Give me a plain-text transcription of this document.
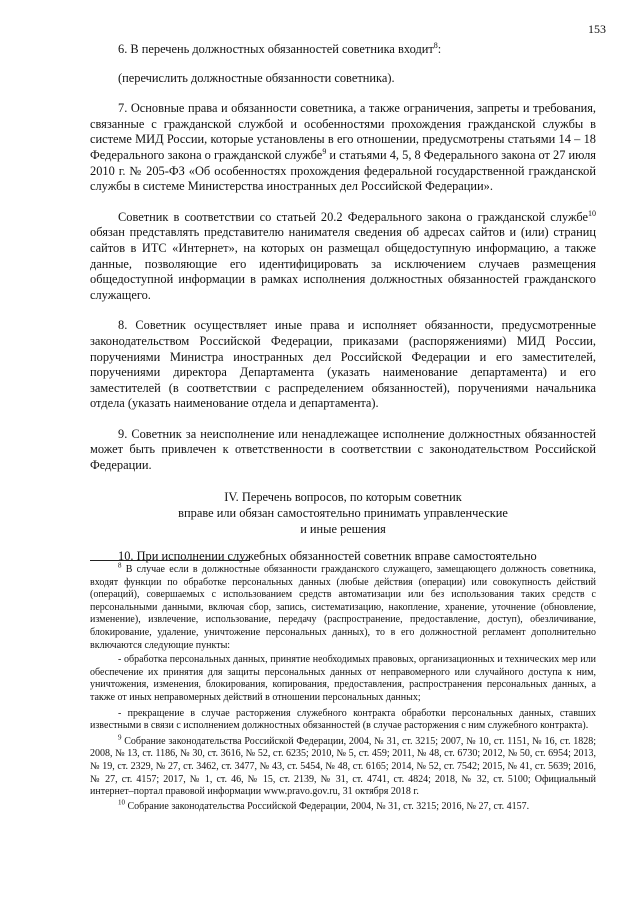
153

6. В перечень должностных обязанностей советника входит$^8$:

(перечислить должностные обязанности советника).

7. Основные права и обязанности советника, а также ограничения, запреты и требования, связанные с гражданской службой и особенностями прохождения гражданской службы в системе МИД России, которые установлены в его отношении, предусмотрены статьями 14 – 18 Федерального закона о гражданской службе$^9$ и статьями 4, 5, 8 Федерального закона от 27 июля 2010 г. № 205-ФЗ «Об особенностях прохождения федеральной государственной гражданской службы в системе Министерства иностранных дел Российской Федерации».

Советник в соответствии со статьей 20.2 Федерального закона о гражданской службе$^{10}$ обязан представлять представителю нанимателя сведения об адресах сайтов и (или) страниц сайтов в ИТС «Интернет», на которых он размещал общедоступную информацию, а также данные, позволяющие его идентифицировать за исключением случаев размещения общедоступной информации в рамках исполнения должностных обязанностей гражданского служащего.

8. Советник осуществляет иные права и исполняет обязанности, предусмотренные законодательством Российской Федерации, приказами (распоряжениями) МИД России, поручениями Министра иностранных дел Российской Федерации и его заместителей, поручениями директора Департамента (указать наименование департамента) и его заместителей (в соответствии с распределением обязанностей), поручениями начальника отдела (указать наименование отдела и департамента).

9. Советник за неисполнение или ненадлежащее исполнение должностных обязанностей может быть привлечен к ответственности в соответствии с законодательством Российской Федерации.

IV. Перечень вопросов, по которым советник
вправе или обязан самостоятельно принимать управленческие
и иные решения

10. При исполнении служебных обязанностей советник вправе самостоятельно

$^8$ В случае если в должностные обязанности гражданского служащего, замещающего должность советника, входят функции по обработке персональных данных (любые действия (операции) или совокупность действий (операций), совершаемых с использованием средств автоматизации или без использования таких средств с персональными данными, включая сбор, запись, систематизацию, накопление, хранение, уточнение (обновление, изменение), извлечение, использование, передачу (распространение, предоставление, доступ), обезличивание, блокирование, удаление, уничтожение персональных данных), то в его должностной регламент дополнительно включаются следующие пункты:

- обработка персональных данных, принятие необходимых правовых, организационных и технических мер или обеспечение их принятия для защиты персональных данных от неправомерного или случайного доступа к ним, уничтожения, изменения, блокирования, копирования, предоставления, распространения персональных данных, а также от иных неправомерных действий в отношении персональных данных;

- прекращение в случае расторжения служебного контракта обработки персональных данных, ставших известными в связи с исполнением должностных обязанностей (в случае расторжения с ним служебного контракта).

$^9$ Собрание законодательства Российской Федерации, 2004, № 31, ст. 3215; 2007, № 10, ст. 1151, № 16, ст. 1828; 2008, № 13, ст. 1186, № 30, ст. 3616, № 52, ст. 6235; 2010, № 5, ст. 459; 2011, № 48, ст. 6730; 2012, № 50, ст. 6954; 2013, № 19, ст. 2329, № 27, ст. 3462, ст. 3477, № 43, ст. 5454, № 48, ст. 6165; 2014, № 52, ст. 7542; 2015, № 41, ст. 5639; 2016, № 27, ст. 4157; 2017, № 1, ст. 46, № 15, ст. 2139, № 31, ст. 4741, ст. 4824; 2018, № 32, ст. 5100; Официальный интернет–портал правовой информации www.pravo.gov.ru, 31 октября 2018 г.

$^{10}$ Собрание законодательства Российской Федерации, 2004, № 31, ст. 3215; 2016, № 27, ст. 4157.
